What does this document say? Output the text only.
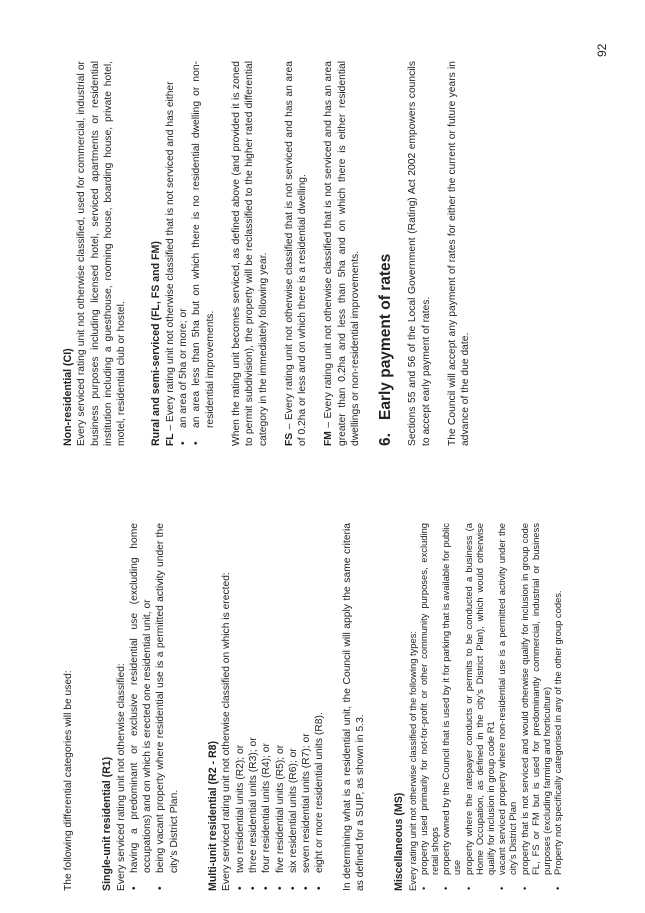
The following differential categories will be used:	Single-unit residential (R1) Every serviced rating unit not otherwise classified: • having a predominant or exclusive residential use (excluding home occupations) and on which is erected one residential unit, or • being vacant property where residential use is a permitted activity under the city's District Plan.	Multi-unit residential (R2 - R8) Every serviced rating unit not otherwise classified on which is erected: • two residential units (R2); or • three residential units (R3); or • four residential units (R4); or • five residential units (R5); or • six residential units (R6); or • seven residential units (R7); or • eight or more residential units (R8). In determining what is a residential unit, the Council will apply the same criteria as defined for a SUIP, as shown in 5.3.	Miscellaneous (MS) Every rating unit not otherwise classified of the following types: • property used primarily for not-for-profit or other community purposes, excluding retail shops • property owned by the Council that is used by it for parking that is available for public use • property where the ratepayer conducts or permits to be conducted a business (a Home Occupation, as defined in the city's District Plan), which would otherwise qualify for inclusion in group code R1 • vacant serviced property where non-residential use is a permitted activity under the city's District Plan • property that is not serviced and would otherwise qualify for inclusion in group code FL, FS or FM but is used for predominantly commercial, industrial or business purposes (excluding farming and horticulture) • Property not specifically categorised in any of the other group codes.

Non-residential (CI) Every serviced rating unit not otherwise classified, used for commercial, industrial or business purposes including licensed hotel, serviced apartments or residential institution including a guesthouse, rooming house, boarding house, private hotel, motel, residential club or hostel. Rural and semi-serviced (FL, FS and FM) FL – Every rating unit not otherwise classified that is not serviced and has either • an area of 5ha or more; or • an area less than 5ha but on which there is no residential dwelling or non-residential improvements. When the rating unit becomes serviced, as defined above (and provided it is zoned to permit subdivision), the property will be reclassified to the higher rated differential category in the immediately following year. FS – Every rating unit not otherwise classified that is not serviced and has an area of 0.2ha or less and on which there is a residential dwelling. FM – Every rating unit not otherwise classified that is not serviced and has an area greater than 0.2ha and less than 5ha and on which there is either residential dwellings or non-residential improvements. 6.Early payment of rates Sections 55 and 56 of the Local Government (Rating) Act 2002 empowers councils to accept early payment of rates. The Council will accept any payment of rates for either the current or future years in advance of the due date.

92
